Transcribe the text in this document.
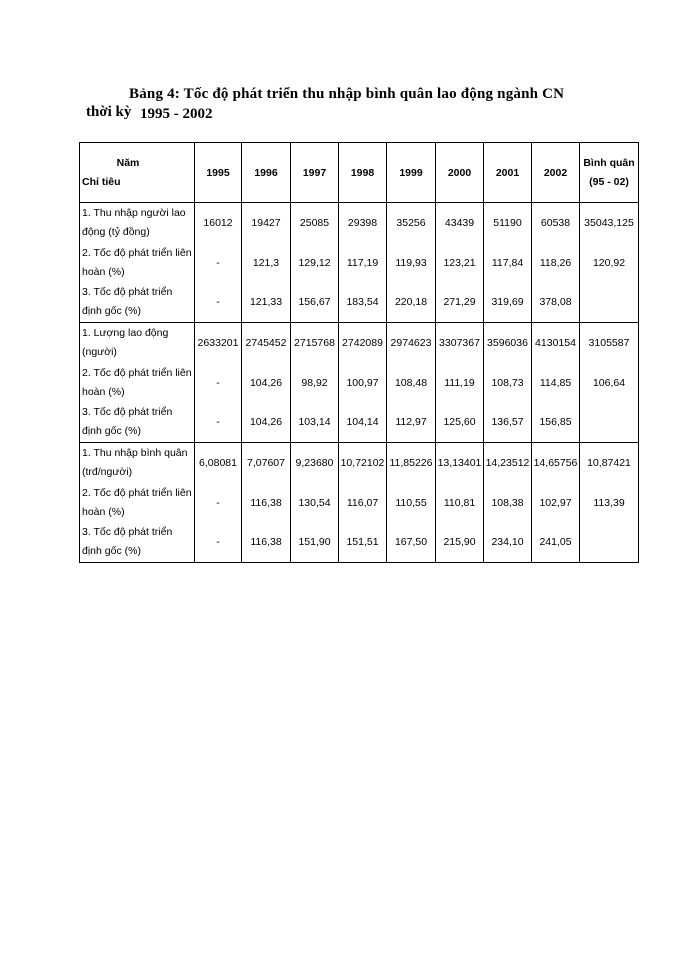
Bảng 4: Tốc độ phát triển thu nhập bình quân lao động ngành CN
thời kỳ 1995 - 2002
Năm
Chỉ tiêu	1995	1996	1997	1998	1999	2000	2001	2002	Bình quân (95 - 02)
1. Thu nhập người lao động (tỷ đồng)	16012	19427	25085	29398	35256	43439	51190	60538	35043,125
2. Tốc độ phát triển liên hoàn (%)	-	121,3	129,12	117,19	119,93	123,21	117,84	118,26	120,92
3. Tốc độ phát triển định gốc (%)	-	121,33	156,67	183,54	220,18	271,29	319,69	378,08	
1. Lượng lao động (người)	2633201	2745452	2715768	2742089	2974623	3307367	3596036	4130154	3105587
2. Tốc độ phát triển liên hoàn (%)	-	104,26	98,92	100,97	108,48	111,19	108,73	114,85	106,64
3. Tốc độ phát triển định gốc (%)	-	104,26	103,14	104,14	112,97	125,60	136,57	156,85	
1. Thu nhập bình quân (trđ/người)	6,08081	7,07607	9,23680	10,72102	11,85226	13,13401	14,23512	14,65756	10,87421
2. Tốc độ phát triển liên hoàn (%)	-	116,38	130,54	116,07	110,55	110,81	108,38	102,97	113,39
3. Tốc độ phát triển định gốc (%)	-	116,38	151,90	151,51	167,50	215,90	234,10	241,05	
